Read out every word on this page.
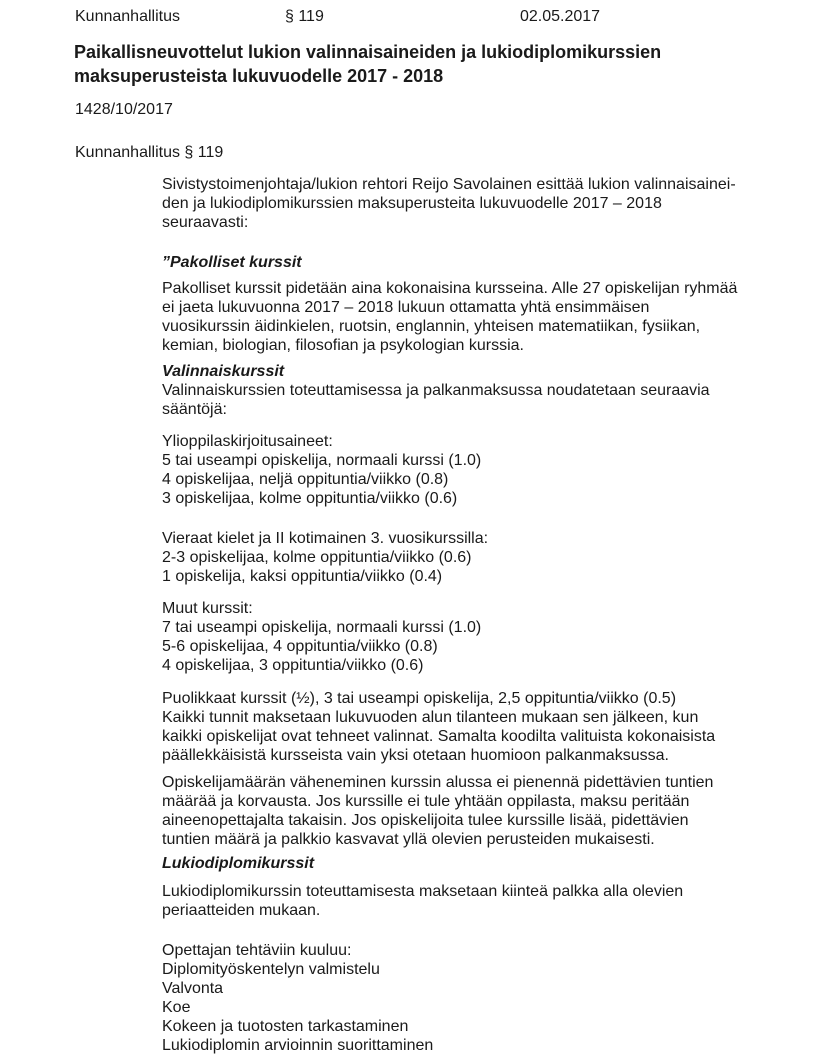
Kunnanhallitus	§ 119	02.05.2017
Paikallisneuvottelut lukion valinnaisaineiden ja lukiodiplomikurssien
maksuperusteista lukuvuodelle 2017 - 2018
1428/10/2017
Kunnanhallitus § 119

Sivistystoimenjohtaja/lukion rehtori Reijo Savolainen esittää lukion valinnaisainei-
den ja lukiodiplomikurssien maksuperusteita lukuvuodelle 2017 – 2018
seuraavasti:

”Pakolliset kurssit

Pakolliset kurssit pidetään aina kokonaisina kursseina. Alle 27 opiskelijan ryhmää
ei jaeta lukuvuonna 2017 – 2018 lukuun ottamatta yhtä ensimmäisen
vuosikurssin äidinkielen, ruotsin, englannin, yhteisen matematiikan, fysiikan,
kemian, biologian, filosofian ja psykologian kurssia.

Valinnaiskurssit

Valinnaiskurssien toteuttamisessa ja palkanmaksussa noudatetaan seuraavia
sääntöjä:

Ylioppilaskirjoitusaineet:
5 tai useampi opiskelija, normaali kurssi (1.0)
4 opiskelijaa, neljä oppituntia/viikko (0.8)
3 opiskelijaa, kolme oppituntia/viikko (0.6)

Vieraat kielet ja II kotimainen 3. vuosikurssilla:
2-3 opiskelijaa, kolme oppituntia/viikko (0.6)
1 opiskelija, kaksi oppituntia/viikko (0.4)

Muut kurssit:
7 tai useampi opiskelija, normaali kurssi (1.0)
5-6 opiskelijaa, 4 oppituntia/viikko (0.8)
4 opiskelijaa, 3 oppituntia/viikko (0.6)

Puolikkaat kurssit (½), 3 tai useampi opiskelija, 2,5 oppituntia/viikko (0.5)
Kaikki tunnit maksetaan lukuvuoden alun tilanteen mukaan sen jälkeen, kun
kaikki opiskelijat ovat tehneet valinnat. Samalta koodilta valituista kokonaisista
päällekkäisistä kursseista vain yksi otetaan huomioon palkanmaksussa.

Opiskelijamäärän väheneminen kurssin alussa ei pienennä pidettävien tuntien
määrää ja korvausta. Jos kurssille ei tule yhtään oppilasta, maksu peritään
aineenopettajalta takaisin. Jos opiskelijoita tulee kurssille lisää, pidettävien
tuntien määrä ja palkkio kasvavat yllä olevien perusteiden mukaisesti.

Lukiodiplomikurssit

Lukiodiplomikurssin toteuttamisesta maksetaan kiinteä palkka alla olevien
periaatteiden mukaan.

Opettajan tehtäviin kuuluu:
Diplomityöskentelyn valmistelu
Valvonta
Koe
Kokeen ja tuotosten tarkastaminen
Lukiodiplomin arvioinnin suorittaminen
